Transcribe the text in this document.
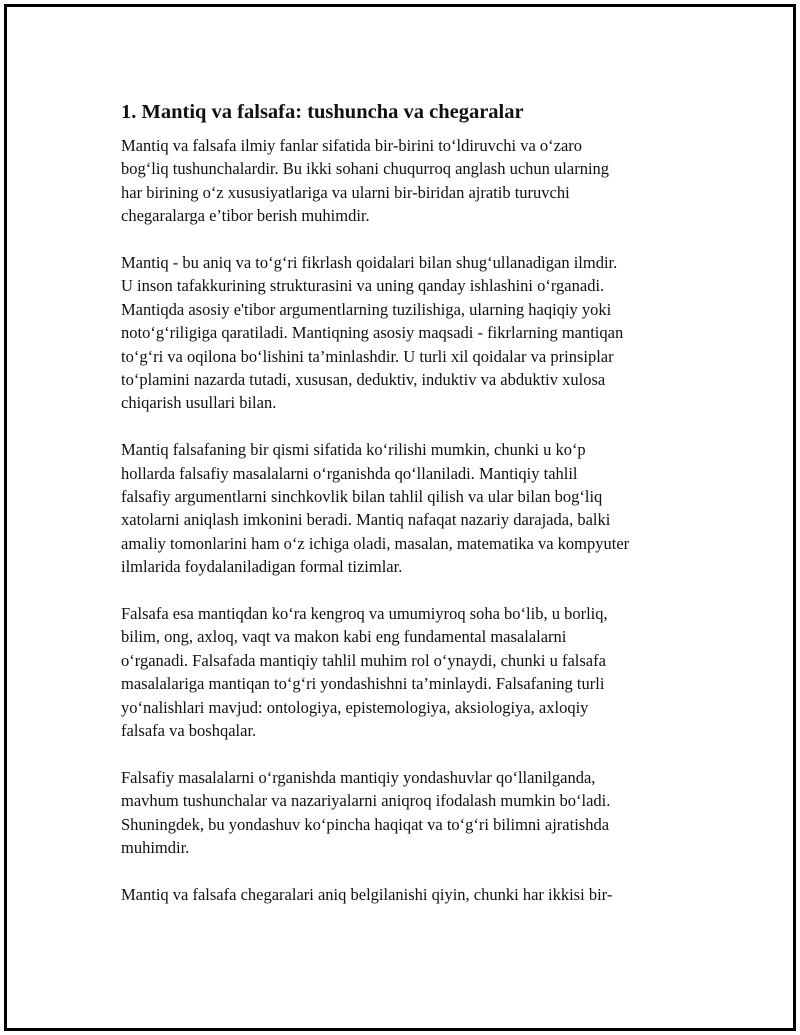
1. Mantiq va falsafa: tushuncha va chegaralar
Mantiq va falsafa ilmiy fanlar sifatida bir-birini to‘ldiruvchi va o‘zaro
bog‘liq tushunchalardir. Bu ikki sohani chuqurroq anglash uchun ularning
har birining o‘z xususiyatlariga va ularni bir-biridan ajratib turuvchi
chegaralarga e’tibor berish muhimdir.
Mantiq - bu aniq va to‘g‘ri fikrlash qoidalari bilan shug‘ullanadigan ilmdir.
U inson tafakkurining strukturasini va uning qanday ishlashini o‘rganadi.
Mantiqda asosiy e'tibor argumentlarning tuzilishiga, ularning haqiqiy yoki
noto‘g‘riligiga qaratiladi. Mantiqning asosiy maqsadi - fikrlarning mantiqan
to‘g‘ri va oqilona bo‘lishini ta’minlashdir. U turli xil qoidalar va prinsiplar
to‘plamini nazarda tutadi, xususan, deduktiv, induktiv va abduktiv xulosa
chiqarish usullari bilan.
Mantiq falsafaning bir qismi sifatida ko‘rilishi mumkin, chunki u ko‘p
hollarda falsafiy masalalarni o‘rganishda qo‘llaniladi. Mantiqiy tahlil
falsafiy argumentlarni sinchkovlik bilan tahlil qilish va ular bilan bog‘liq
xatolarni aniqlash imkonini beradi. Mantiq nafaqat nazariy darajada, balki
amaliy tomonlarini ham o‘z ichiga oladi, masalan, matematika va kompyuter
ilmlarida foydalaniladigan formal tizimlar.
Falsafa esa mantiqdan ko‘ra kengroq va umumiyroq soha bo‘lib, u borliq,
bilim, ong, axloq, vaqt va makon kabi eng fundamental masalalarni
o‘rganadi. Falsafada mantiqiy tahlil muhim rol o‘ynaydi, chunki u falsafa
masalalariga mantiqan to‘g‘ri yondashishni ta’minlaydi. Falsafaning turli
yo‘nalishlari mavjud: ontologiya, epistemologiya, aksiologiya, axloqiy
falsafa va boshqalar.
Falsafiy masalalarni o‘rganishda mantiqiy yondashuvlar qo‘llanilganda,
mavhum tushunchalar va nazariyalarni aniqroq ifodalash mumkin bo‘ladi.
Shuningdek, bu yondashuv ko‘pincha haqiqat va to‘g‘ri bilimni ajratishda
muhimdir.
Mantiq va falsafa chegaralari aniq belgilanishi qiyin, chunki har ikkisi bir-
